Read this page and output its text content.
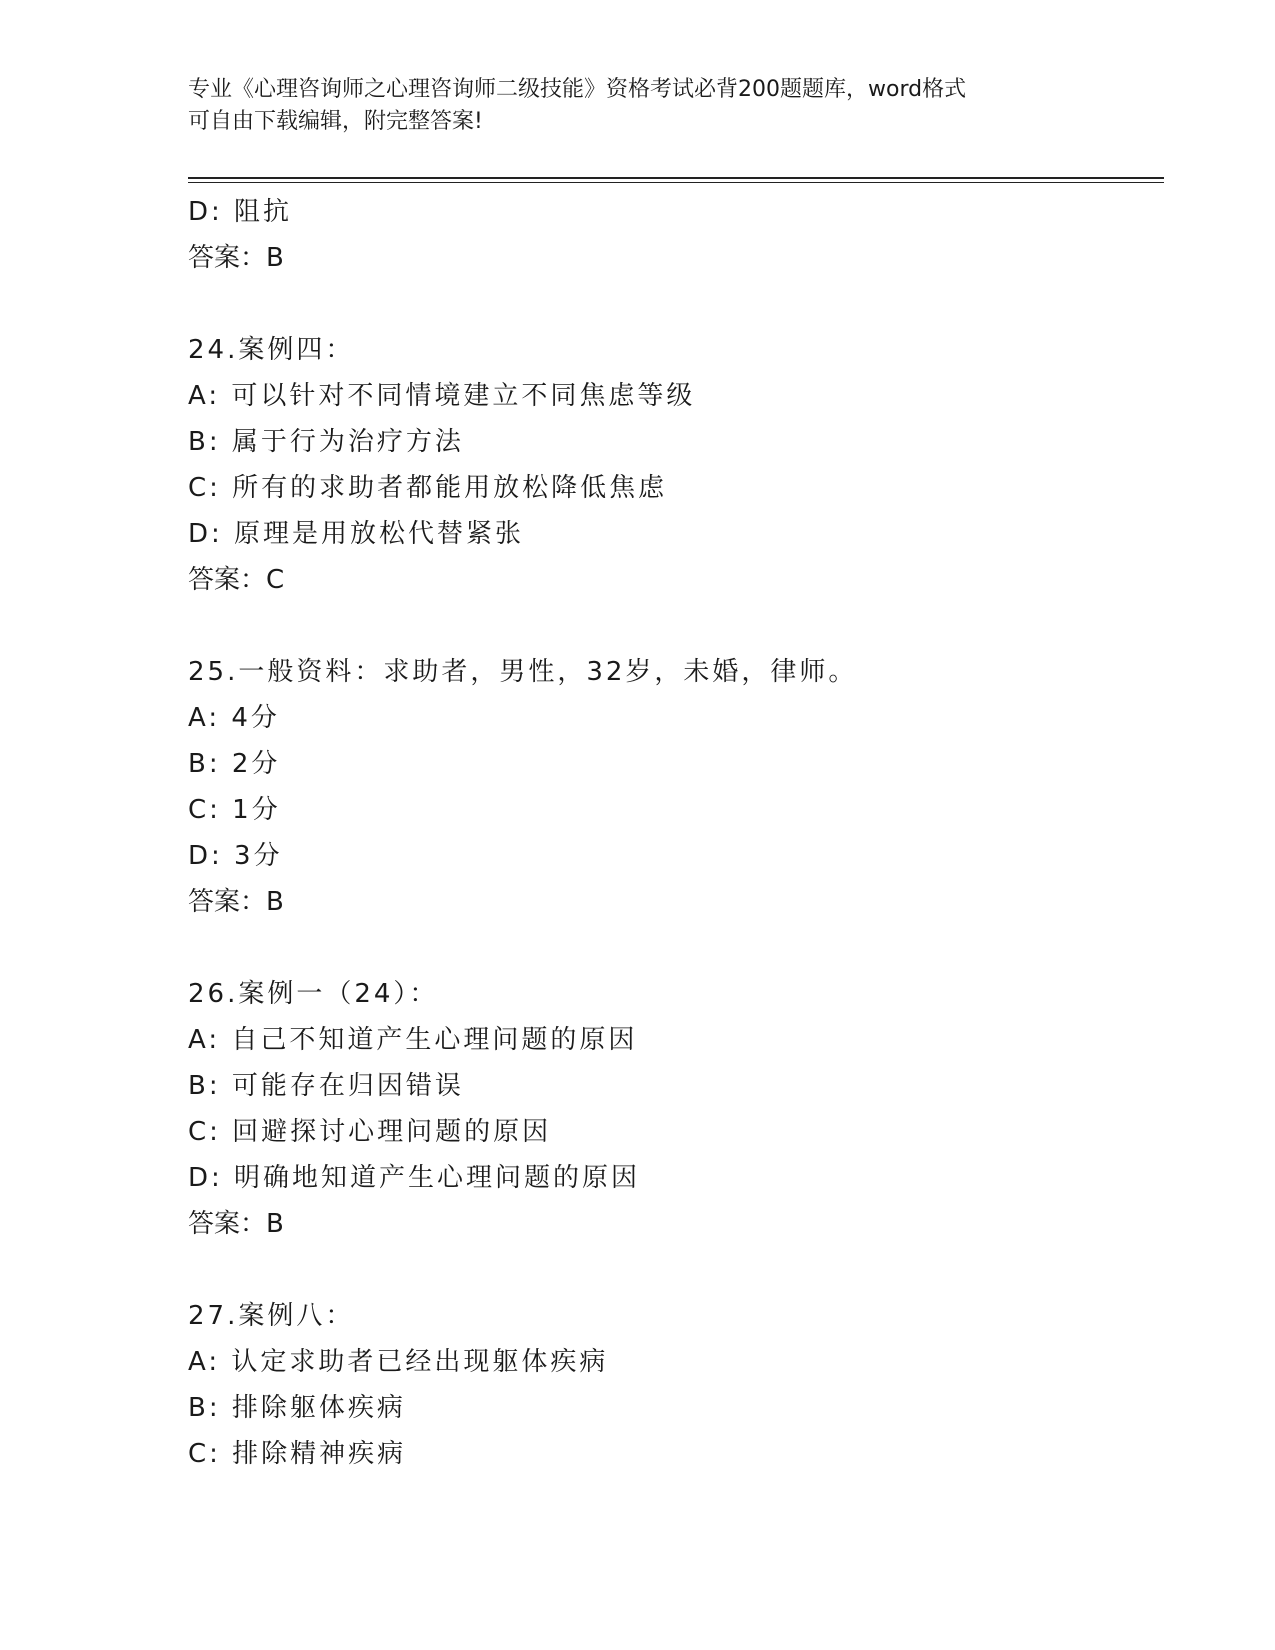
专业《心理咨询师之心理咨询师二级技能》资格考试必背200题题库，word格式
可自由下载编辑，附完整答案!
D: 阻抗
答案：B
24.案例四：
A: 可以针对不同情境建立不同焦虑等级
B: 属于行为治疗方法
C: 所有的求助者都能用放松降低焦虑
D: 原理是用放松代替紧张
答案：C
25.一般资料：求助者，男性，32岁，未婚，律师。
A: 4分
B: 2分
C: 1分
D: 3分
答案：B
26.案例一（24）：
A: 自己不知道产生心理问题的原因
B: 可能存在归因错误
C: 回避探讨心理问题的原因
D: 明确地知道产生心理问题的原因
答案：B
27.案例八：
A: 认定求助者已经出现躯体疾病
B: 排除躯体疾病
C: 排除精神疾病
